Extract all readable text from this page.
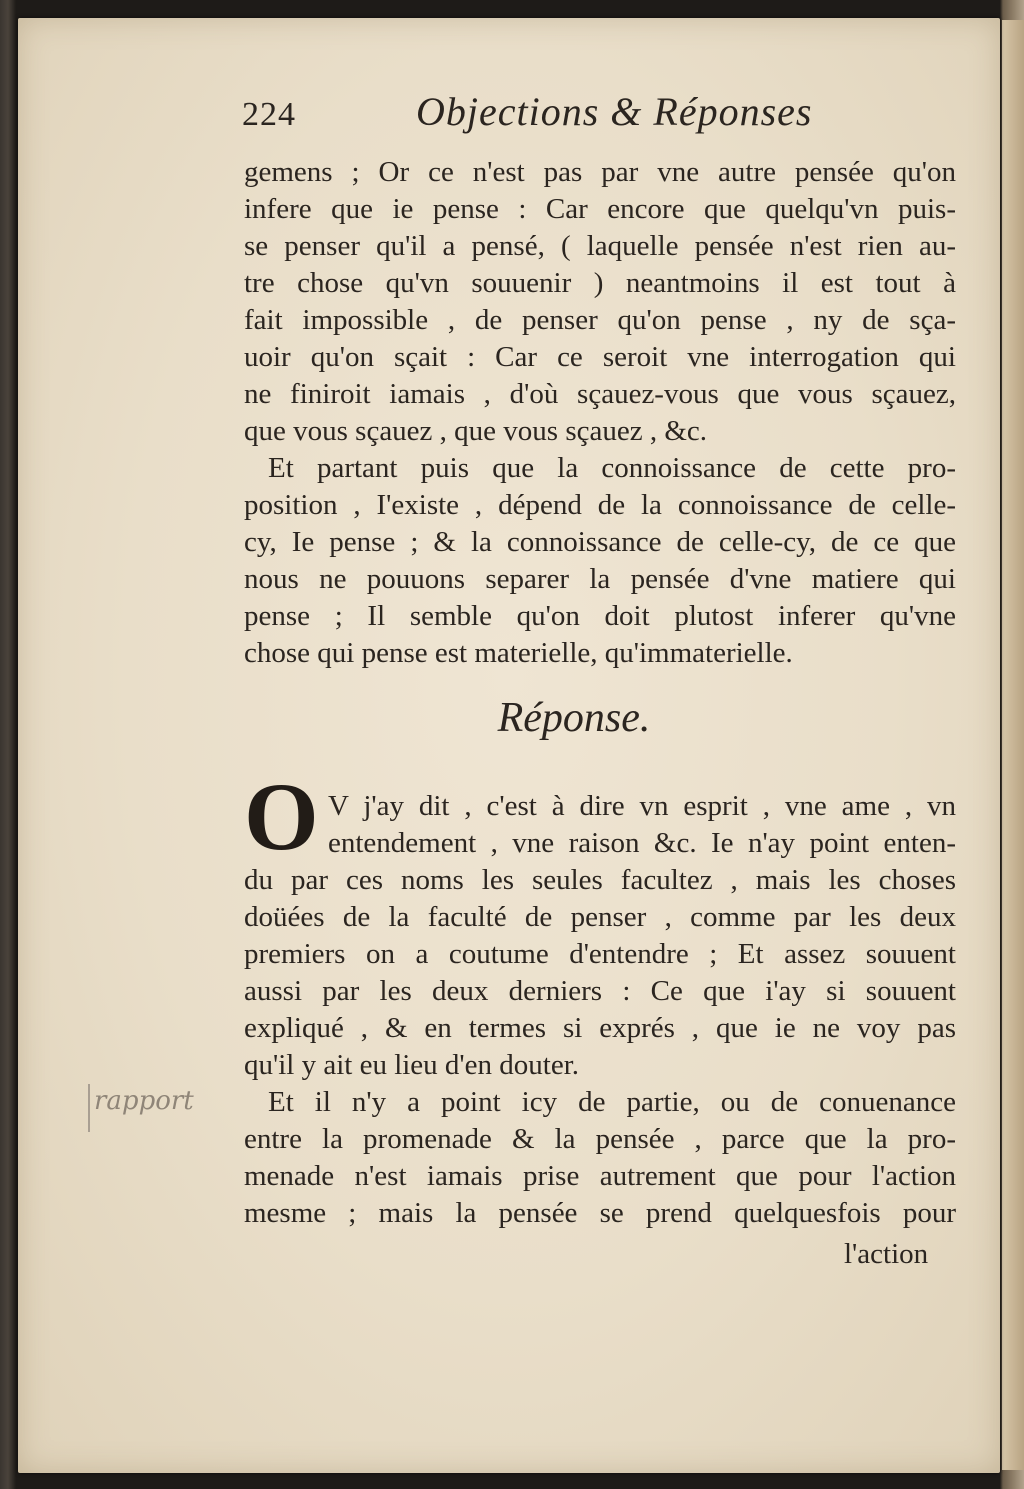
224	Objections & Réponses
gemens ; Or ce n'est pas par vne autre pensée qu'on
infere que ie pense : Car encore que quelqu'vn puis-
se penser qu'il a pensé, ( laquelle pensée n'est rien au-
tre chose qu'vn souuenir ) neantmoins il est tout à
fait impossible , de penser qu'on pense , ny de sça-
uoir qu'on sçait : Car ce seroit vne interrogation qui
ne finiroit iamais , d'où sçauez-vous que vous sçauez,
que vous sçauez , que vous sçauez , &c.
Et partant puis que la connoissance de cette pro-
position , I'existe , dépend de la connoissance de celle-
cy, Ie pense ; & la connoissance de celle-cy, de ce que
nous ne pouuons separer la pensée d'vne matiere qui
pense ; Il semble qu'on doit plutost inferer qu'vne
chose qui pense est materielle, qu'immaterielle.
Réponse.
O V j'ay dit , c'est à dire vn esprit , vne ame , vn
entendement , vne raison &c. Ie n'ay point enten-
du par ces noms les seules facultez , mais les choses
doüées de la faculté de penser , comme par les deux
premiers on a coutume d'entendre ; Et assez souuent
aussi par les deux derniers : Ce que i'ay si souuent
expliqué , & en termes si exprés , que ie ne voy pas
qu'il y ait eu lieu d'en douter.
rapport	Et il n'y a point icy de partie, ou de conuenance
entre la promenade & la pensée , parce que la pro-
menade n'est iamais prise autrement que pour l'action
mesme ; mais la pensée se prend quelquesfois pour
l'action
